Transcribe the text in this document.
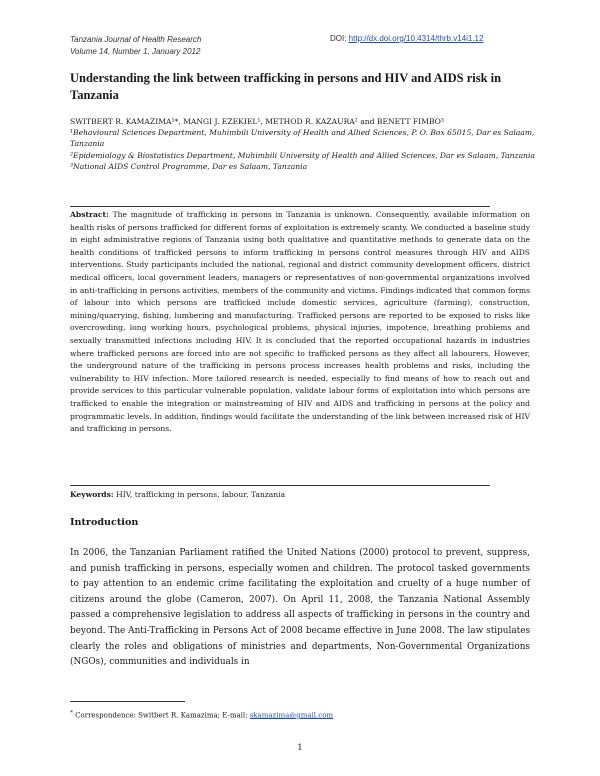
Tanzania Journal of Health Research
Volume 14, Number 1, January 2012
DOI: http://dx.doi.org/10.4314/thrb.v14i1.12
Understanding the link between trafficking in persons and HIV and AIDS risk in Tanzania

SWITBERT R. KAMAZIMA¹*, MANGI J. EZEKIEL¹, METHOD R. KAZAURA² and BENETT FIMBO³

¹Behavioural Sciences Department, Muhimbili University of Health and Allied Sciences, P. O. Box 65015, Dar es Salaam, Tanzania

²Epidemiology & Biostatistics Department, Muhimbili University of Health and Allied Sciences, Dar es Salaam, Tanzania

³National AIDS Control Programme, Dar es Salaam, Tanzania

Abstract: The magnitude of trafficking in persons in Tanzania is unknown. Consequently, available information on health risks of persons trafficked for different forms of exploitation is extremely scanty. We conducted a baseline study in eight administrative regions of Tanzania using both qualitative and quantitative methods to generate data on the health conditions of trafficked persons to inform trafficking in persons control measures through HIV and AIDS interventions. Study participants included the national, regional and district community development officers, district medical officers, local government leaders, managers or representatives of non-governmental organizations involved in anti-trafficking in persons activities, members of the community and victims. Findings indicated that common forms of labour into which persons are trafficked include domestic services, agriculture (farming), construction, mining/quarrying, fishing, lumbering and manufacturing. Trafficked persons are reported to be exposed to risks like overcrowding, long working hours, psychological problems, physical injuries, impotence, breathing problems and sexually transmitted infections including HIV. It is concluded that the reported occupational hazards in industries where trafficked persons are forced into are not specific to trafficked persons as they affect all labourers. However, the underground nature of the trafficking in persons process increases health problems and risks, including the vulnerability to HIV infection. More tailored research is needed, especially to find means of how to reach out and provide services to this particular vulnerable population, validate labour forms of exploitation into which persons are trafficked to enable the integration or mainstreaming of HIV and AIDS and trafficking in persons at the policy and programmatic levels. In addition, findings would facilitate the understanding of the link between increased risk of HIV and trafficking in persons.

Keywords: HIV, trafficking in persons, labour, Tanzania

Introduction

In 2006, the Tanzanian Parliament ratified the United Nations (2000) protocol to prevent, suppress, and punish trafficking in persons, especially women and children. The protocol tasked governments to pay attention to an endemic crime facilitating the exploitation and cruelty of a huge number of citizens around the globe (Cameron, 2007). On April 11, 2008, the Tanzania National Assembly passed a comprehensive legislation to address all aspects of trafficking in persons in the country and beyond. The Anti-Trafficking in Persons Act of 2008 became effective in June 2008. The law stipulates clearly the roles and obligations of ministries and departments, Non-Governmental Organizations (NGOs), communities and individuals in

* Correspondence: Switbert R. Kamazima; E-mail: skamazima@gmail.com

1
